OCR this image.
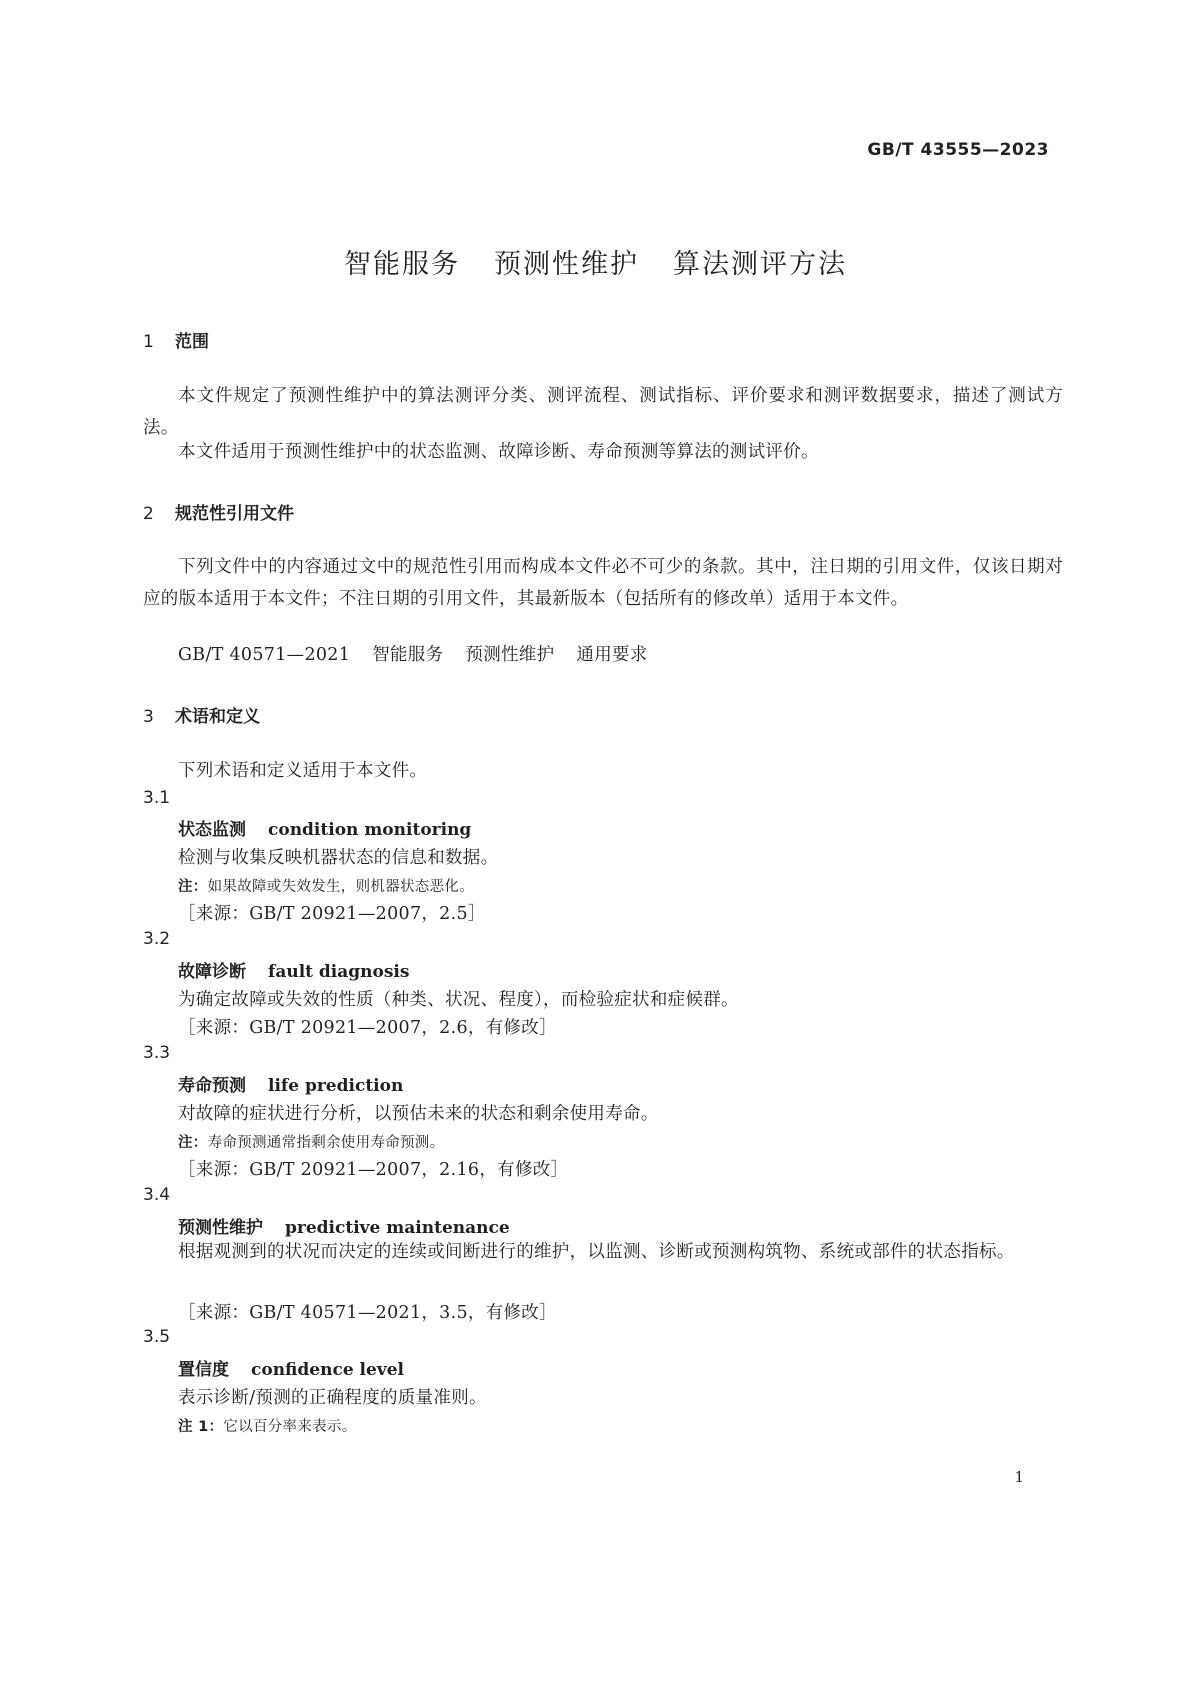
GB/T 43555—2023
智能服务 预测性维护 算法测评方法
1 范围
本文件规定了预测性维护中的算法测评分类、测评流程、测试指标、评价要求和测评数据要求，描述了测试方法。
本文件适用于预测性维护中的状态监测、故障诊断、寿命预测等算法的测试评价。
2 规范性引用文件
下列文件中的内容通过文中的规范性引用而构成本文件必不可少的条款。其中，注日期的引用文件，仅该日期对应的版本适用于本文件；不注日期的引用文件，其最新版本（包括所有的修改单）适用于本文件。
GB/T 40571—2021 智能服务 预测性维护 通用要求
3 术语和定义
下列术语和定义适用于本文件。
3.1
状态监测 condition monitoring
检测与收集反映机器状态的信息和数据。
注：如果故障或失效发生，则机器状态恶化。
［来源：GB/T 20921—2007，2.5］
3.2
故障诊断 fault diagnosis
为确定故障或失效的性质（种类、状况、程度），而检验症状和症候群。
［来源：GB/T 20921—2007，2.6，有修改］
3.3
寿命预测 life prediction
对故障的症状进行分析，以预估未来的状态和剩余使用寿命。
注：寿命预测通常指剩余使用寿命预测。
［来源：GB/T 20921—2007，2.16，有修改］
3.4
预测性维护 predictive maintenance
根据观测到的状况而决定的连续或间断进行的维护，以监测、诊断或预测构筑物、系统或部件的状态指标。
［来源：GB/T 40571—2021，3.5，有修改］
3.5
置信度 confidence level
表示诊断/预测的正确程度的质量准则。
注 1：它以百分率来表示。
1
